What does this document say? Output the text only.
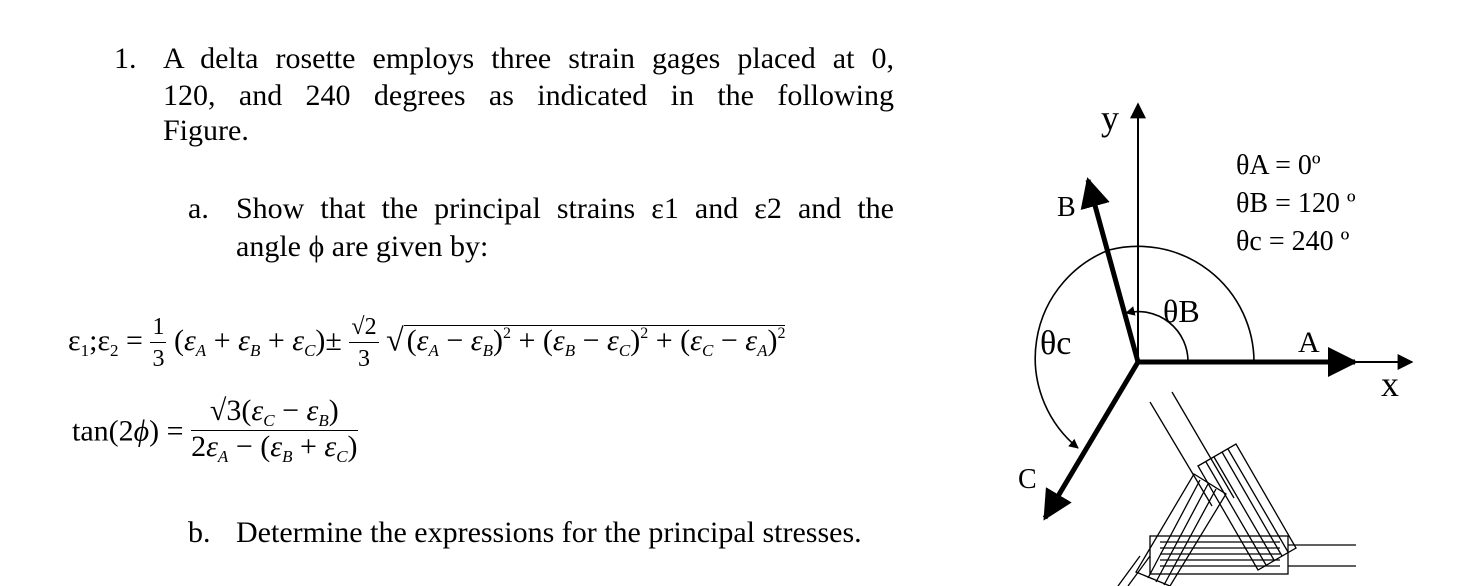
1. A delta rosette employs three strain gages placed at 0,
120, and 240 degrees as indicated in the following
Figure.
a. Show that the principal strains ε1 and ε2 and the
angle ϕ are given by:
$\varepsilon_1;\varepsilon_2 = \frac{1}{3} (\varepsilon_A + \varepsilon_B + \varepsilon_C)\pm \frac{√2}{3}$ √ $(\varepsilon_A - \varepsilon_B)^2 + (\varepsilon_B - \varepsilon_C)^2 + (\varepsilon_C - \varepsilon_A)^2$
$\tan(2\phi) = \frac{√3(\varepsilon_C - \varepsilon_B)}{2\varepsilon_A - (\varepsilon_B + \varepsilon_C)}$
b. Determine the expressions for the principal stresses.
y
x
A
B
C
θB
θc
θA = 0º
θB = 120 º
θc = 240 º
